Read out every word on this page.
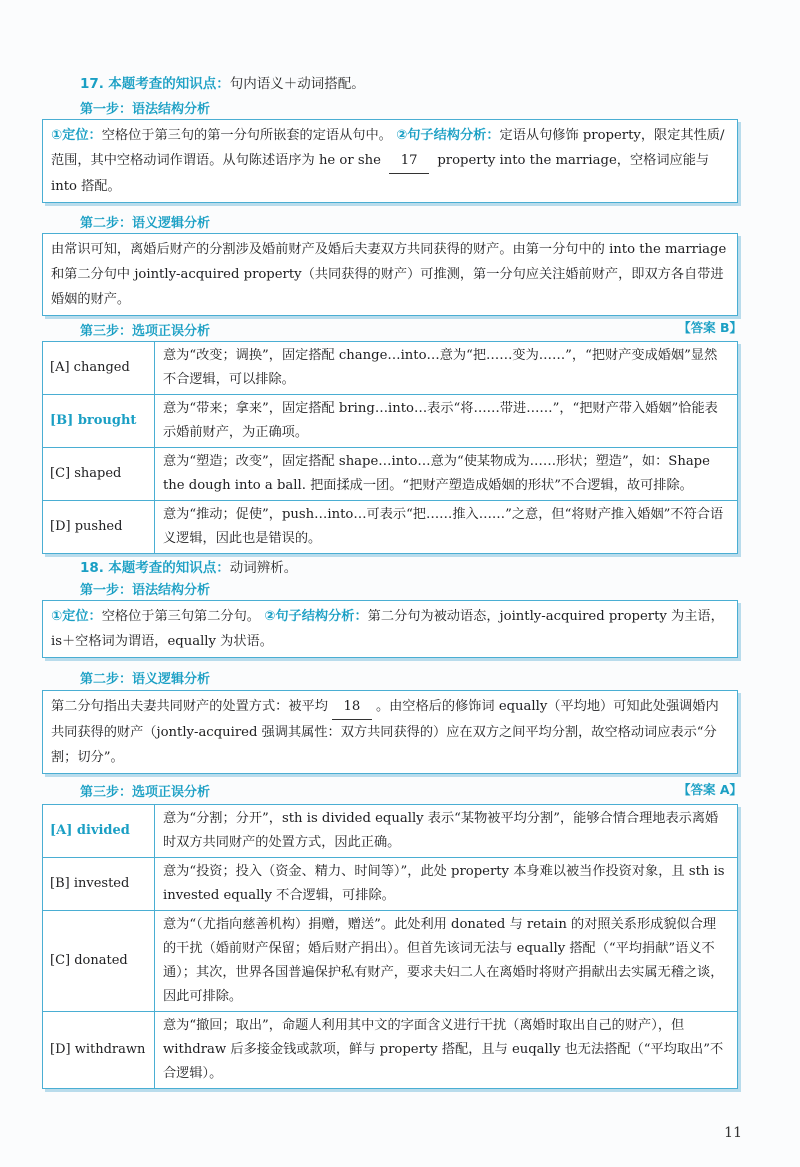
17. 本题考查的知识点：句内语义＋动词搭配。
第一步：语法结构分析

①定位：空格位于第三句的第一分句所嵌套的定语从句中。 ②句子结构分析：定语从句修饰 property，限定其性质/范围，其中空格动词作谓语。从句陈述语序为 he or she 17 property into the marriage，空格词应能与 into 搭配。

第二步：语义逻辑分析

由常识可知，离婚后财产的分割涉及婚前财产及婚后夫妻双方共同获得的财产。由第一分句中的 into the marriage 和第二分句中 jointly-acquired property（共同获得的财产）可推测，第一分句应关注婚前财产，即双方各自带进婚姻的财产。

第三步：选项正误分析	【答案 B】
[A] changed	意为“改变；调换”，固定搭配 change…into…意为“把……变为……”，“把财产变成婚姻”显然不合逻辑，可以排除。
[B] brought	意为“带来；拿来”，固定搭配 bring…into…表示“将……带进……”，“把财产带入婚姻”恰能表示婚前财产，为正确项。
[C] shaped	意为“塑造；改变”，固定搭配 shape…into…意为“使某物成为……形状；塑造”，如：Shape the dough into a ball. 把面揉成一团。“把财产塑造成婚姻的形状”不合逻辑，故可排除。
[D] pushed	意为“推动；促使”，push…into…可表示“把……推入……”之意，但“将财产推入婚姻”不符合语义逻辑，因此也是错误的。
18. 本题考查的知识点：动词辨析。
第一步：语法结构分析

①定位：空格位于第三句第二分句。 ②句子结构分析：第二分句为被动语态，jointly-acquired property 为主语，is＋空格词为谓语，equally 为状语。

第二步：语义逻辑分析

第二分句指出夫妻共同财产的处置方式：被平均 18 。由空格后的修饰词 equally（平均地）可知此处强调婚内共同获得的财产（jontly-acquired 强调其属性：双方共同获得的）应在双方之间平均分割，故空格动词应表示“分割；切分”。

第三步：选项正误分析	【答案 A】
[A] divided	意为“分割；分开”，sth is divided equally 表示“某物被平均分割”，能够合情合理地表示离婚时双方共同财产的处置方式，因此正确。
[B] invested	意为“投资；投入（资金、精力、时间等）”，此处 property 本身难以被当作投资对象，且 sth is invested equally 不合逻辑，可排除。
[C] donated	意为“（尤指向慈善机构）捐赠，赠送”。此处利用 donated 与 retain 的对照关系形成貌似合理的干扰（婚前财产保留；婚后财产捐出）。但首先该词无法与 equally 搭配（“平均捐献”语义不通）；其次，世界各国普遍保护私有财产，要求夫妇二人在离婚时将财产捐献出去实属无稽之谈，因此可排除。
[D] withdrawn	意为“撤回；取出”，命题人利用其中文的字面含义进行干扰（离婚时取出自己的财产），但 withdraw 后多接金钱或款项，鲜与 property 搭配，且与 euqally 也无法搭配（“平均取出”不合逻辑）。
11
